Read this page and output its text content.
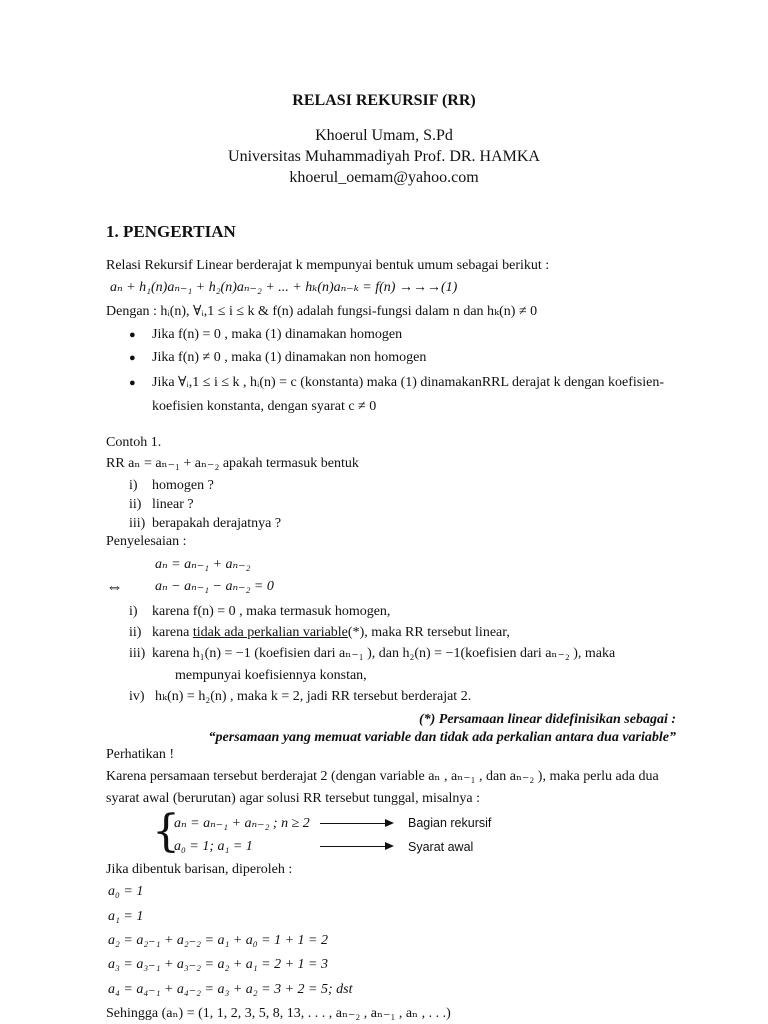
RELASI REKURSIF (RR)
Khoerul Umam, S.Pd
Universitas Muhammadiyah Prof. DR. HAMKA
khoerul_oemam@yahoo.com
1. PENGERTIAN
Relasi Rekursif Linear berderajat k mempunyai bentuk umum sebagai berikut :
aₙ + h₁(n)aₙ₋₁ + h₂(n)aₙ₋₂ + ... + hₖ(n)aₙ₋ₖ = f(n) →→→(1)
Dengan : hᵢ(n), ∀ᵢ,1 ≤ i ≤ k & f(n) adalah fungsi-fungsi dalam n dan hₖ(n) ≠ 0
● Jika f(n) = 0 , maka (1) dinamakan homogen
● Jika f(n) ≠ 0 , maka (1) dinamakan non homogen
● Jika ∀ᵢ,1 ≤ i ≤ k , hᵢ(n) = c (konstanta) maka (1) dinamakanRRL derajat k dengan koefisien-
koefisien konstanta, dengan syarat c ≠ 0
Contoh 1.
RR aₙ = aₙ₋₁ + aₙ₋₂ apakah termasuk bentuk
i) homogen ?
ii) linear ?
iii) berapakah derajatnya ?
Penyelesaian :
aₙ = aₙ₋₁ + aₙ₋₂
⇔ aₙ − aₙ₋₁ − aₙ₋₂ = 0
i) karena f(n) = 0 , maka termasuk homogen,
ii) karena tidak ada perkalian variable(*), maka RR tersebut linear,
iii) karena h₁(n) = −1 (koefisien dari aₙ₋₁ ), dan h₂(n) = −1(koefisien dari aₙ₋₂ ), maka
mempunyai koefisiennya konstan,
iv) hₖ(n) = h₂(n) , maka k = 2, jadi RR tersebut berderajat 2.
(*) Persamaan linear didefinisikan sebagai :
“persamaan yang memuat variable dan tidak ada perkalian antara dua variable”
Perhatikan !
Karena persamaan tersebut berderajat 2 (dengan variable aₙ , aₙ₋₁ , dan aₙ₋₂ ), maka perlu ada dua
syarat awal (berurutan) agar solusi RR tersebut tunggal, misalnya :
{
aₙ = aₙ₋₁ + aₙ₋₂ ; n ≥ 2
a₀ = 1; a₁ = 1
Bagian rekursif
Syarat awal
Jika dibentuk barisan, diperoleh :
a₀ = 1
a₁ = 1
a₂ = a₂₋₁ + a₂₋₂ = a₁ + a₀ = 1 + 1 = 2
a₃ = a₃₋₁ + a₃₋₂ = a₂ + a₁ = 2 + 1 = 3
a₄ = a₄₋₁ + a₄₋₂ = a₃ + a₂ = 3 + 2 = 5; dst
Sehingga (aₙ) = (1, 1, 2, 3, 5, 8, 13, . . . , aₙ₋₂ , aₙ₋₁ , aₙ , . . .)
